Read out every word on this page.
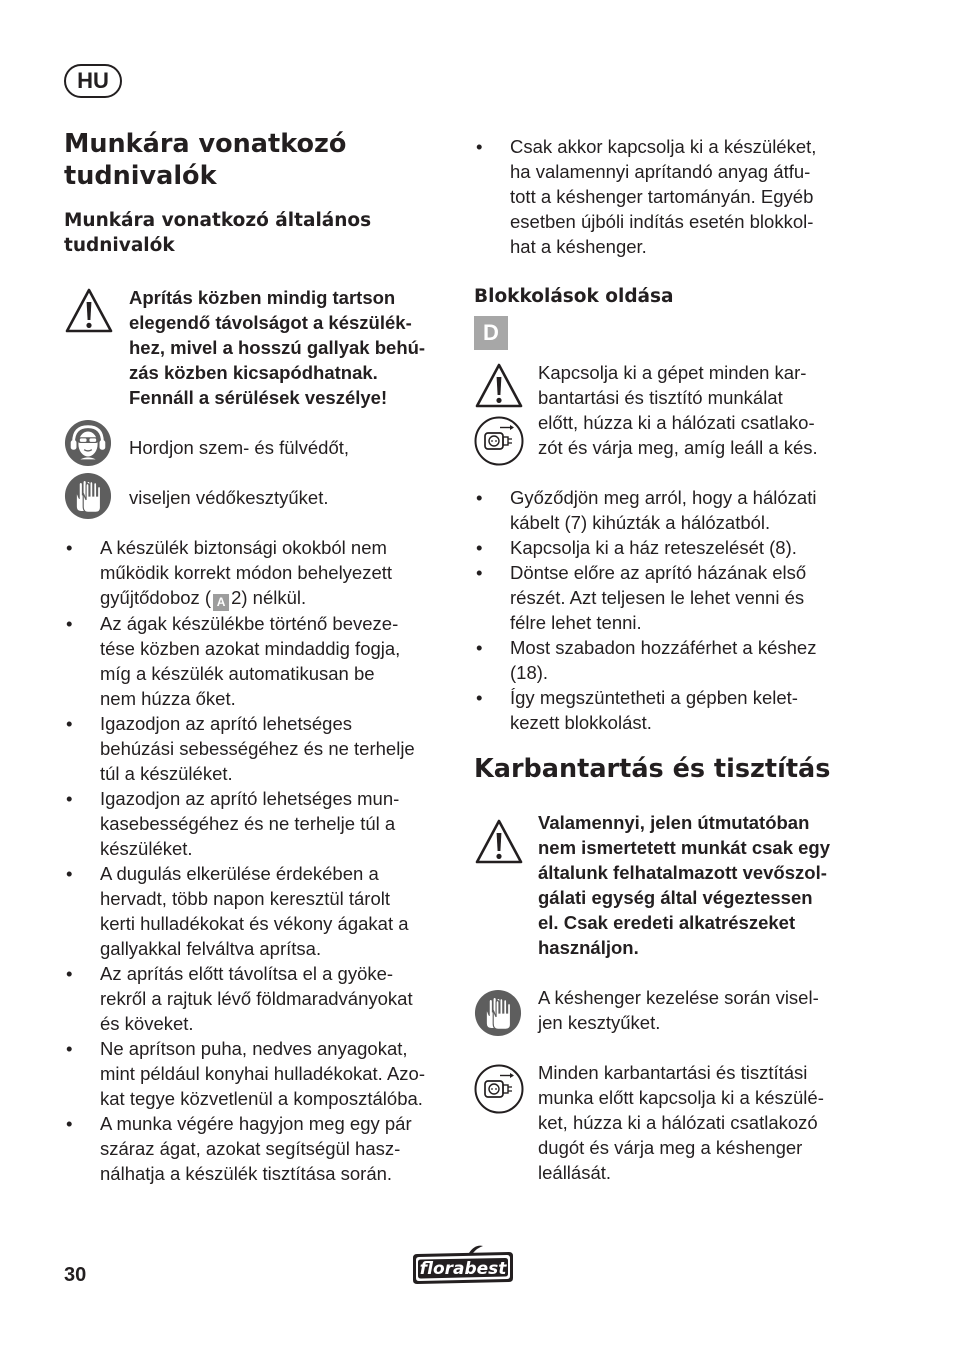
HU
Munkára vonatkozó
tudnivalók
Munkára vonatkozó általános
tudnivalók
Aprítás közben mindig tartson
elegendő távolságot a készülék-
hez, mivel a hosszú gallyak behú-
zás közben kicsapódhatnak.
Fennáll a sérülések veszélye!
Hordjon szem- és fülvédőt,
viseljen védőkesztyűket.
• A készülék biztonsági okokból nem
működik korrekt módon behelyezett
gyűjtődoboz ( A 2) nélkül.
• Az ágak készülékbe történő beveze-
tése közben azokat mindaddig fogja,
míg a készülék automatikusan be
nem húzza őket.
• Igazodjon az aprító lehetséges
behúzási sebességéhez és ne terhelje
túl a készüléket.
• Igazodjon az aprító lehetséges mun-
kasebességéhez és ne terhelje túl a
készüléket.
• A dugulás elkerülése érdekében a
hervadt, több napon keresztül tárolt
kerti hulladékokat és vékony ágakat a
gallyakkal felváltva aprítsa.
• Az aprítás előtt távolítsa el a gyöke-
rekről a rajtuk lévő földmaradványokat
és köveket.
• Ne aprítson puha, nedves anyagokat,
mint például konyhai hulladékokat. Azo-
kat tegye közvetlenül a komposztálóba.
• A munka végére hagyjon meg egy pár
száraz ágat, azokat segítségül hasz-
nálhatja a készülék tisztítása során.
• Csak akkor kapcsolja ki a készüléket,
ha valamennyi aprítandó anyag átfu-
tott a késhenger tartományán. Egyéb
esetben újbóli indítás esetén blokkol-
hat a késhenger.
Blokkolások oldása
D
Kapcsolja ki a gépet minden kar-
bantartási és tisztító munkálat
előtt, húzza ki a hálózati csatlako-
zót és várja meg, amíg leáll a kés.
• Győződjön meg arról, hogy a hálózati
kábelt (7) kihúzták a hálózatból.
• Kapcsolja ki a ház reteszelését (8).
• Döntse előre az aprító házának első
részét. Azt teljesen le lehet venni és
félre lehet tenni.
• Most szabadon hozzáférhet a késhez
(18).
• Így megszüntetheti a gépben kelet-
kezett blokkolást.
Karbantartás és tisztítás
Valamennyi, jelen útmutatóban
nem ismertetett munkát csak egy
általunk felhatalmazott vevőszol-
gálati egység által végeztessen
el. Csak eredeti alkatrészeket
használjon.
A késhenger kezelése során visel-
jen kesztyűket.
Minden karbantartási és tisztítási
munka előtt kapcsolja ki a készülé-
ket, húzza ki a hálózati csatlakozó
dugót és várja meg a késhenger
leállását.
30	florabest
